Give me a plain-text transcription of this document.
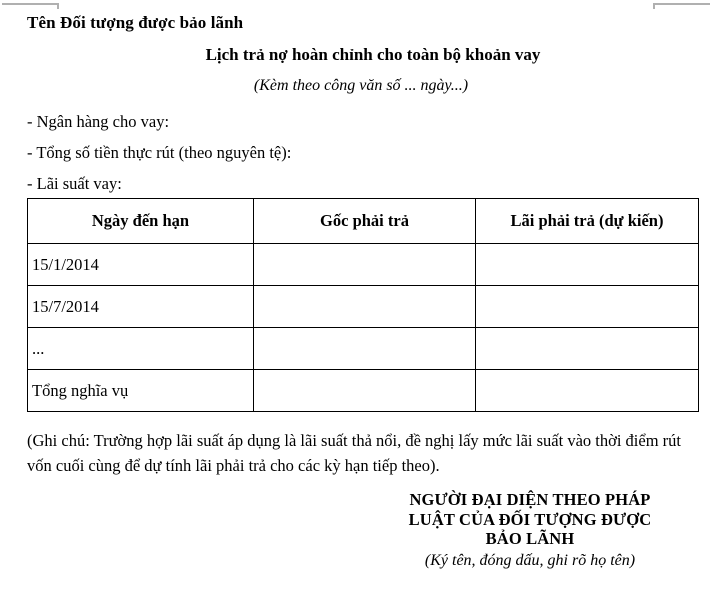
Tên Đối tượng được bảo lãnh
Lịch trả nợ hoàn chỉnh cho toàn bộ khoản vay
(Kèm theo công văn số ... ngày...)
- Ngân hàng cho vay:
- Tổng số tiền thực rút (theo nguyên tệ):
- Lãi suất vay:
Ngày đến hạn	Gốc phải trả	Lãi phải trả (dự kiến)
15/1/2014		
15/7/2014		
...		
Tổng nghĩa vụ		
(Ghi chú: Trường hợp lãi suất áp dụng là lãi suất thả nổi, đề nghị lấy mức lãi suất vào thời điểm rút vốn cuối cùng để dự tính lãi phải trả cho các kỳ hạn tiếp theo).
NGƯỜI ĐẠI DIỆN THEO PHÁP
LUẬT CỦA ĐỐI TƯỢNG ĐƯỢC
BẢO LÃNH
(Ký tên, đóng dấu, ghi rõ họ tên)
